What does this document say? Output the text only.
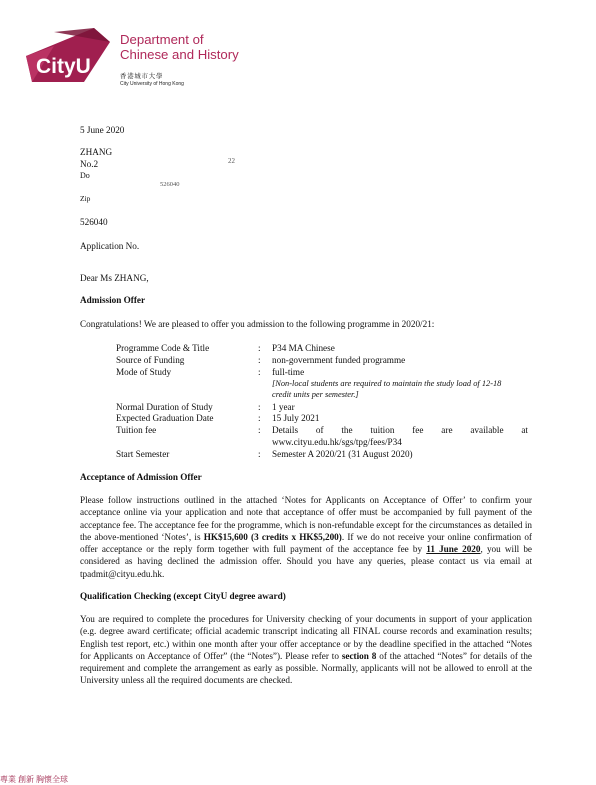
CityU
Department of
Chinese and History
香港城市大學
City University of Hong Kong
5 June 2020
ZHANG
No.2	22
Do
526040
Zip
526040
Application No.
Dear Ms ZHANG,
Admission Offer
Congratulations! We are pleased to offer you admission to the following programme in 2020/21:
Programme Code & Title	: P34 MA Chinese
Source of Funding	: non-government funded programme
Mode of Study	: full-time
[Non-local students are required to maintain the study load of 12-18
credit units per semester.]
Normal Duration of Study	: 1 year
Expected Graduation Date	: 15 July 2021
Tuition fee	: Details of the tuition fee are available at
www.cityu.edu.hk/sgs/tpg/fees/P34
Start Semester	: Semester A 2020/21 (31 August 2020)
Acceptance of Admission Offer
Please follow instructions outlined in the attached ‘Notes for Applicants on Acceptance of Offer’ to confirm your acceptance online via your application and note that acceptance of offer must be accompanied by full payment of the acceptance fee. The acceptance fee for the programme, which is non-refundable except for the circumstances as detailed in the above-mentioned ‘Notes’, is HK$15,600 (3 credits x HK$5,200). If we do not receive your online confirmation of offer acceptance or the reply form together with full payment of the acceptance fee by 11 June 2020, you will be considered as having declined the admission offer. Should you have any queries, please contact us via email at tpadmit@cityu.edu.hk.
Qualification Checking (except CityU degree award)
You are required to complete the procedures for University checking of your documents in support of your application (e.g. degree award certificate; official academic transcript indicating all FINAL course records and examination results; English test report, etc.) within one month after your offer acceptance or by the deadline specified in the attached “Notes for Applicants on Acceptance of Offer” (the “Notes”). Please refer to section 8 of the attached “Notes” for details of the requirement and complete the arrangement as early as possible. Normally, applicants will not be allowed to enroll at the University unless all the required documents are checked.
專業 創新 胸懷全球
